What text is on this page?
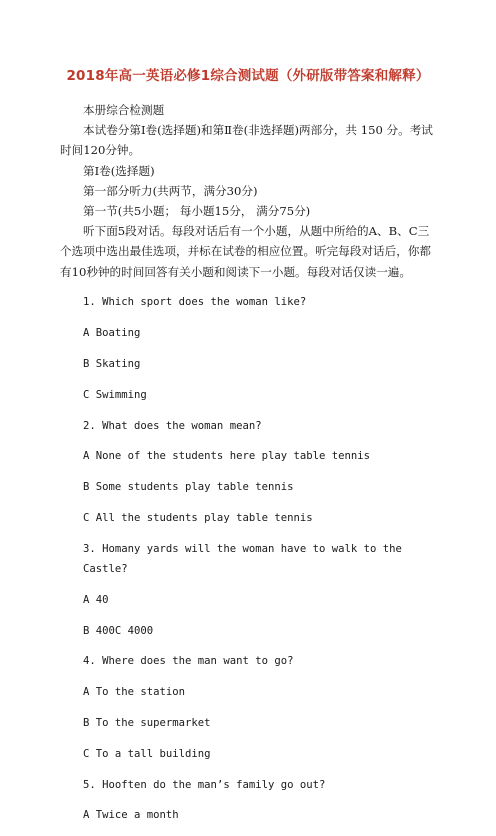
2018年高一英语必修1综合测试题（外研版带答案和解释）

本册综合检测题

本试卷分第Ⅰ卷(选择题)和第Ⅱ卷(非选择题)两部分，共 150 分。考试时间120分钟。

第Ⅰ卷(选择题)

第一部分听力(共两节，满分30分)

第一节(共5小题； 每小题15分， 满分75分)

听下面5段对话。每段对话后有一个小题，从题中所给的A、B、C三个选项中选出最佳选项，并标在试卷的相应位置。听完每段对话后，你都有10秒钟的时间回答有关小题和阅读下一小题。每段对话仅读一遍。

1. Which sport does the woman like?

A Boating

B Skating

C Swimming

2. What does the woman mean?

A None of the students here play table tennis

B Some students play table tennis

C All the students play table tennis

3. Homany yards will the woman have to walk to the Castle?

A 40

B 400C 4000

4. Where does the man want to go?

A To the station

B To the supermarket

C To a tall building

5. Hooften do the man’s family go out?

A Twice a month
